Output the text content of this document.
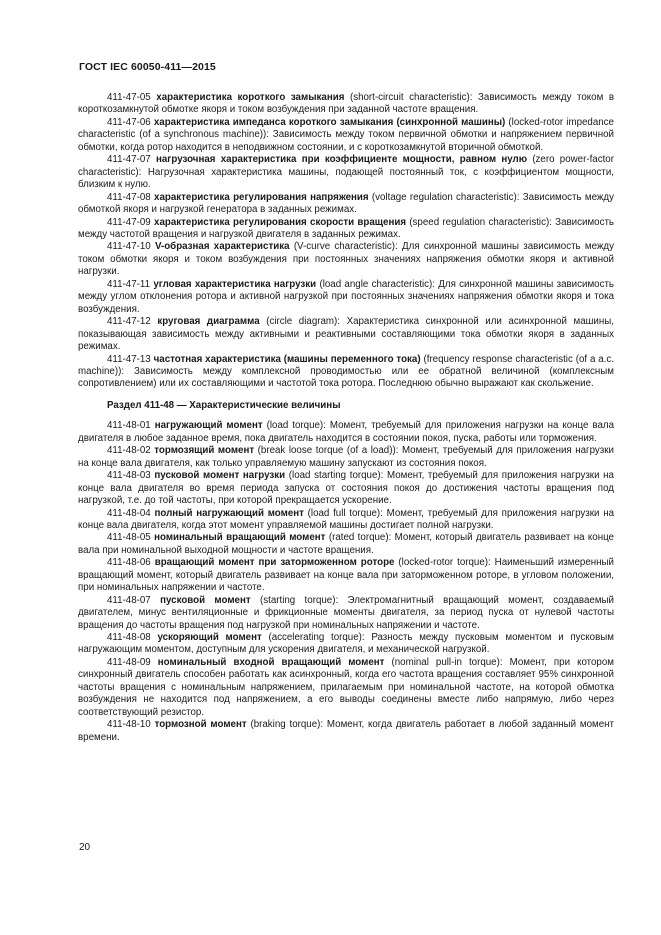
ГОСТ IEC 60050-411—2015

411-47-05 характеристика короткого замыкания (short-circuit characteristic): Зависимость между током в короткозамкнутой обмотке якоря и током возбуждения при заданной частоте вращения.

411-47-06 характеристика импеданса короткого замыкания (синхронной машины) (locked-rotor impedance characteristic (of a synchronous machine)): Зависимость между током первичной обмотки и напряжением первичной обмотки, когда ротор находится в неподвижном состоянии, и с короткозамкнутой вторичной обмоткой.

411-47-07 нагрузочная характеристика при коэффициенте мощности, равном нулю (zero power-factor characteristic): Нагрузочная характеристика машины, подающей постоянный ток, с коэффициентом мощности, близким к нулю.

411-47-08 характеристика регулирования напряжения (voltage regulation characteristic): Зависимость между обмоткой якоря и нагрузкой генератора в заданных режимах.

411-47-09 характеристика регулирования скорости вращения (speed regulation characteristic): Зависимость между частотой вращения и нагрузкой двигателя в заданных режимах.

411-47-10 V-образная характеристика (V-curve characteristic): Для синхронной машины зависимость между током обмотки якоря и током возбуждения при постоянных значениях напряжения обмотки якоря и активной нагрузки.

411-47-11 угловая характеристика нагрузки (load angle characteristic): Для синхронной машины зависимость между углом отклонения ротора и активной нагрузкой при постоянных значениях напряжения обмотки якоря и тока возбуждения.

411-47-12 круговая диаграмма (circle diagram): Характеристика синхронной или асинхронной машины, показывающая зависимость между активными и реактивными составляющими тока обмотки якоря в заданных режимах.

411-47-13 частотная характеристика (машины переменного тока) (frequency response characteristic (of a a.c. machine)): Зависимость между комплексной проводимостью или ее обратной величиной (комплексным сопротивлением) или их составляющими и частотой тока ротора. Последнюю обычно выражают как скольжение.

Раздел 411-48 — Характеристические величины

411-48-01 нагружающий момент (load torque): Момент, требуемый для приложения нагрузки на конце вала двигателя в любое заданное время, пока двигатель находится в состоянии покоя, пуска, работы или торможения.

411-48-02 тормозящий момент (break loose torque (of a load)): Момент, требуемый для приложения нагрузки на конце вала двигателя, как только управляемую машину запускают из состояния покоя.

411-48-03 пусковой момент нагрузки (load starting torque): Момент, требуемый для приложения нагрузки на конце вала двигателя во время периода запуска от состояния покоя до достижения частоты вращения под нагрузкой, т.е. до той частоты, при которой прекращается ускорение.

411-48-04 полный нагружающий момент (load full torque): Момент, требуемый для приложения нагрузки на конце вала двигателя, когда этот момент управляемой машины достигает полной нагрузки.

411-48-05 номинальный вращающий момент (rated torque): Момент, который двигатель развивает на конце вала при номинальной выходной мощности и частоте вращения.

411-48-06 вращающий момент при заторможенном роторе (locked-rotor torque): Наименьший измеренный вращающий момент, который двигатель развивает на конце вала при заторможенном роторе, в угловом положении, при номинальных напряжении и частоте.

411-48-07 пусковой момент (starting torque): Электромагнитный вращающий момент, создаваемый двигателем, минус вентиляционные и фрикционные моменты двигателя, за период пуска от нулевой частоты вращения до частоты вращения под нагрузкой при номинальных напряжении и частоте.

411-48-08 ускоряющий момент (accelerating torque): Разность между пусковым моментом и пусковым нагружающим моментом, доступным для ускорения двигателя, и механической нагрузкой.

411-48-09 номинальный входной вращающий момент (nominal pull-in torque): Момент, при котором синхронный двигатель способен работать как асинхронный, когда его частота вращения составляет 95% синхронной частоты вращения с номинальным напряжением, прилагаемым при номинальной частоте, на которой обмотка возбуждения не находится под напряжением, а его выводы соединены вместе либо напрямую, либо через соответствующий резистор.

411-48-10 тормозной момент (braking torque): Момент, когда двигатель работает в любой заданный момент времени.

20
